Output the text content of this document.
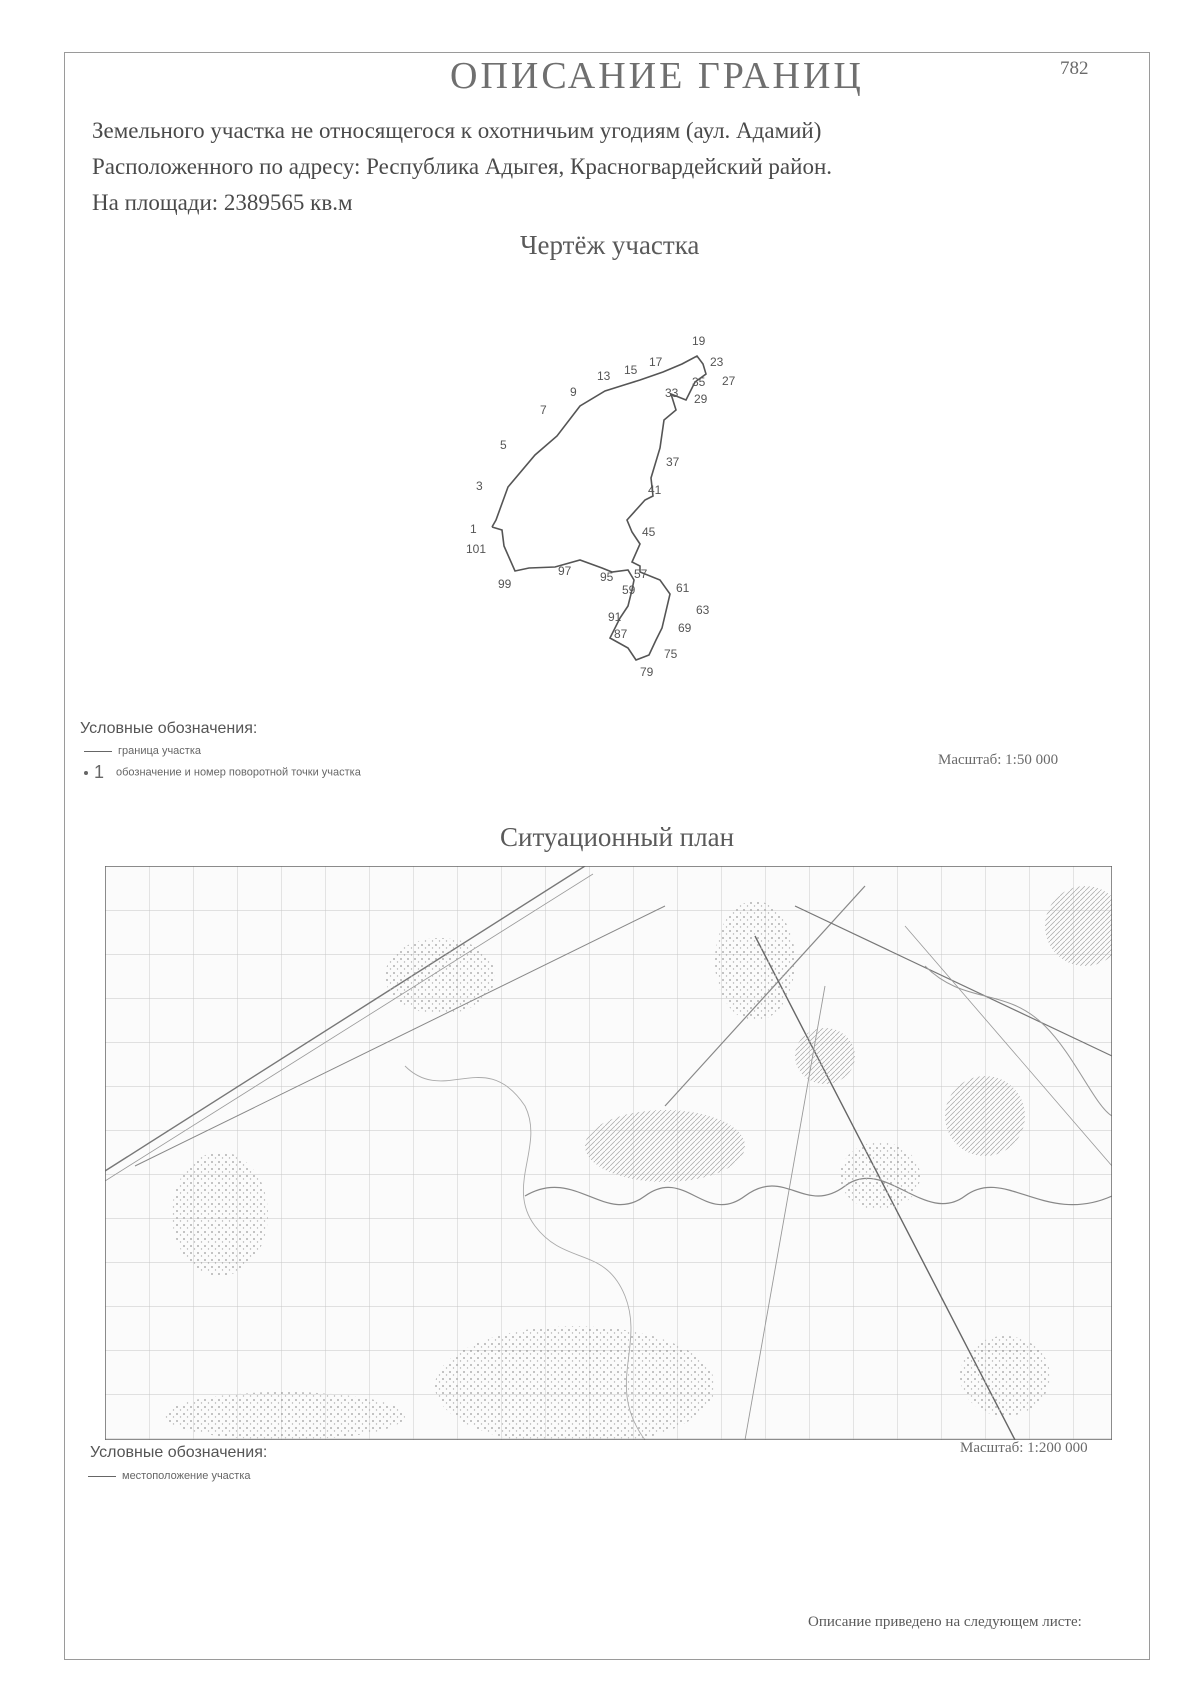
ОПИСАНИЕ ГРАНИЦ	782
Земельного участка не относящегося к охотничьим угодиям (аул. Адамий)
Расположенного по адресу: Республика Адыгея, Красногвардейский район.
На площади: 2389565 кв.м
Чертёж участка
1
3
5
7
9
13 15
17
19
23
27
29
33
35
37
41
45
57
59	61
63
69
75
79
87
91
95
97
99
101
Условные обозначения:
граница участка
1 обозначение и номер поворотной точки участка
Масштаб: 1:50 000
Ситуационный план
Условные обозначения:	Масштаб: 1:200 000
местоположение участка
Описание приведено на следующем листе:
